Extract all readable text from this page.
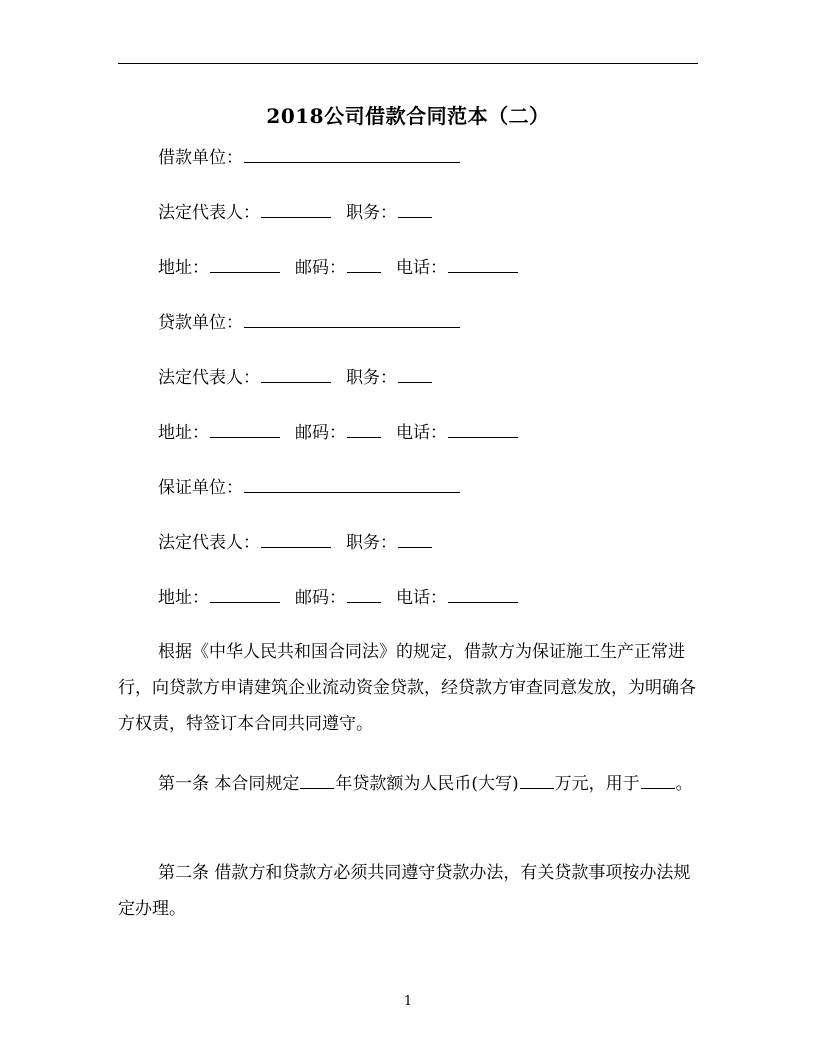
2018公司借款合同范本（二）
借款单位：
法定代表人：	职务：
地址：	邮码：	电话：
贷款单位：
法定代表人：	职务：
地址：	邮码：	电话：
保证单位：
法定代表人：	职务：
地址：	邮码：	电话：
根据《中华人民共和国合同法》的规定，借款方为保证施工生产正常进行，向贷款方申请建筑企业流动资金贷款，经贷款方审查同意发放，为明确各方权责，特签订本合同共同遵守。
第一条 本合同规定 年贷款额为人民币(大写) 万元，用于 。
第二条 借款方和贷款方必须共同遵守贷款办法，有关贷款事项按办法规定办理。
1
